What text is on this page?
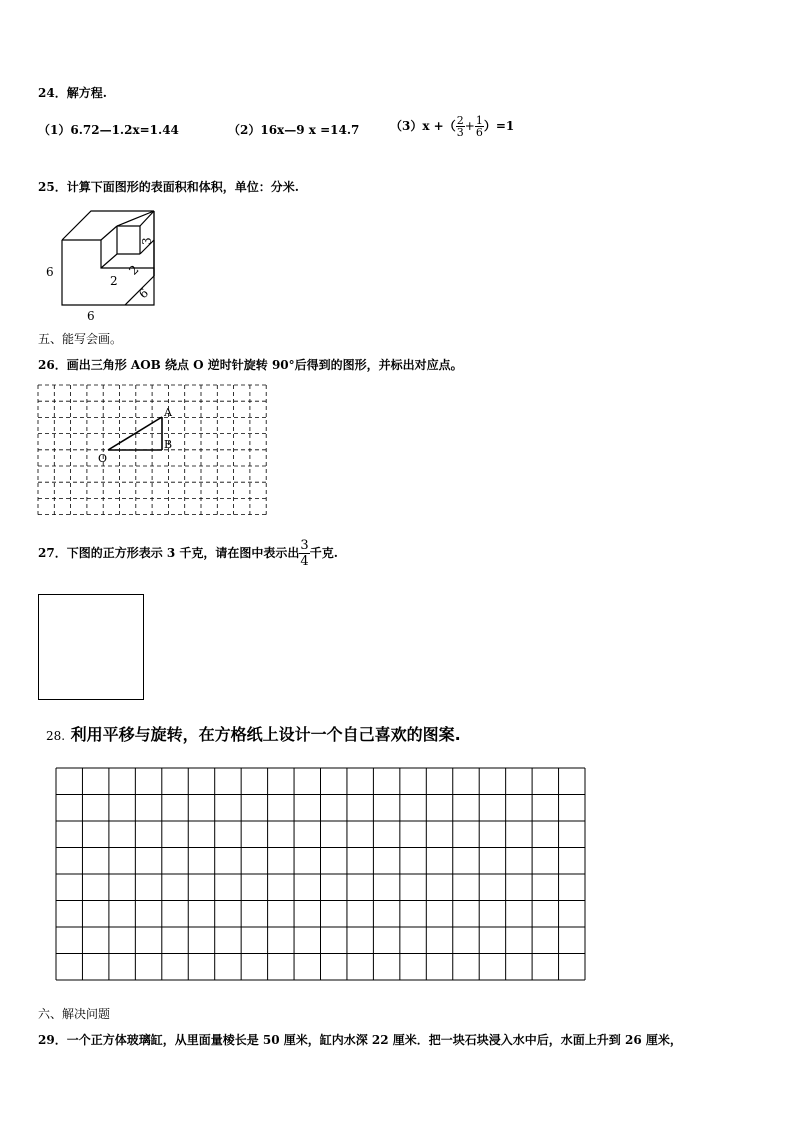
24．解方程.
（1）6.72—1.2x=1.44	（2）16x—9 x =14.7	（3）x +（ $\frac{2}{3} + \frac{1}{6} )=1$
25．计算下面图形的表面积和体积，单位：分米.
6
6
6
3
2
2
五、能写会画。
26．画出三角形 AOB 绕点 O 逆时针旋转 90°后得到的图形，并标出对应点。
A
B
O
27．下图的正方形表示 3 千克，请在图中表示出 $\frac{3}{4}$ 千克.
28. 利用平移与旋转，在方格纸上设计一个自己喜欢的图案.
六、解决问题
29．一个正方体玻璃缸，从里面量棱长是 50 厘米，缸内水深 22 厘米．把一块石块浸入水中后，水面上升到 26 厘米，
